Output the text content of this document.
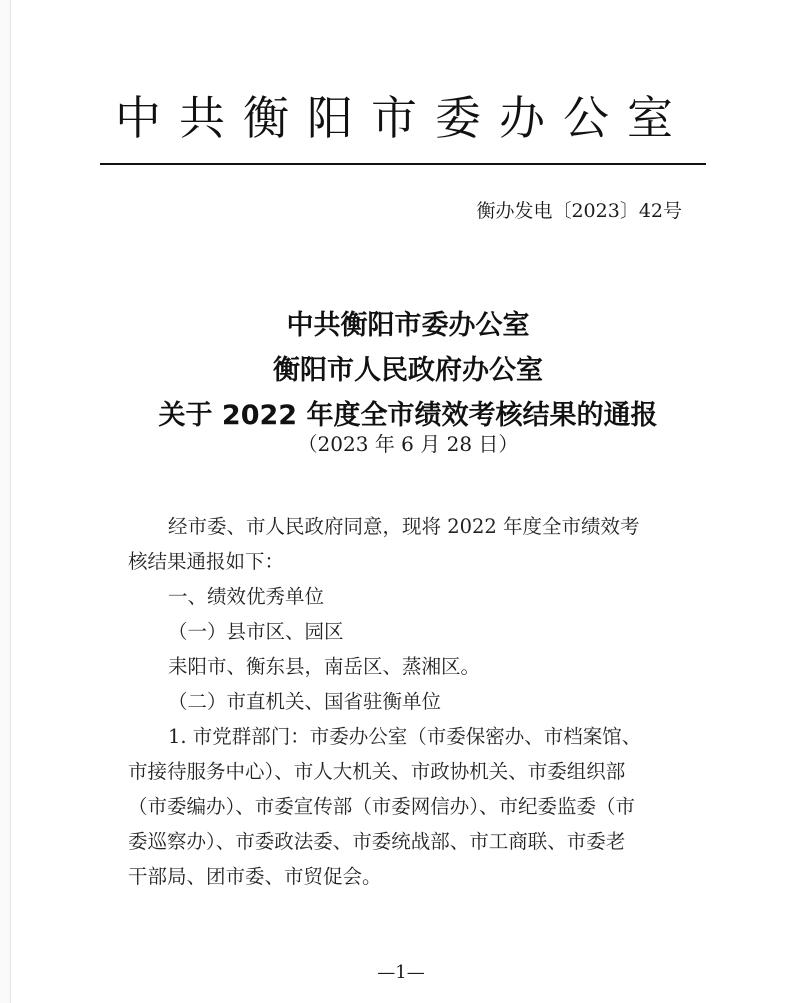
中共衡阳市委办公室
衡办发电〔2023〕42号
中共衡阳市委办公室
衡阳市人民政府办公室
关于 2022 年度全市绩效考核结果的通报
（2023 年 6 月 28 日）

经市委、市人民政府同意，现将 2022 年度全市绩效考

核结果通报如下：

一、绩效优秀单位

（一）县市区、园区

耒阳市、衡东县，南岳区、蒸湘区。

（二）市直机关、国省驻衡单位

1. 市党群部门：市委办公室（市委保密办、市档案馆、

市接待服务中心）、市人大机关、市政协机关、市委组织部

（市委编办）、市委宣传部（市委网信办）、市纪委监委（市

委巡察办）、市委政法委、市委统战部、市工商联、市委老

干部局、团市委、市贸促会。

—1—
